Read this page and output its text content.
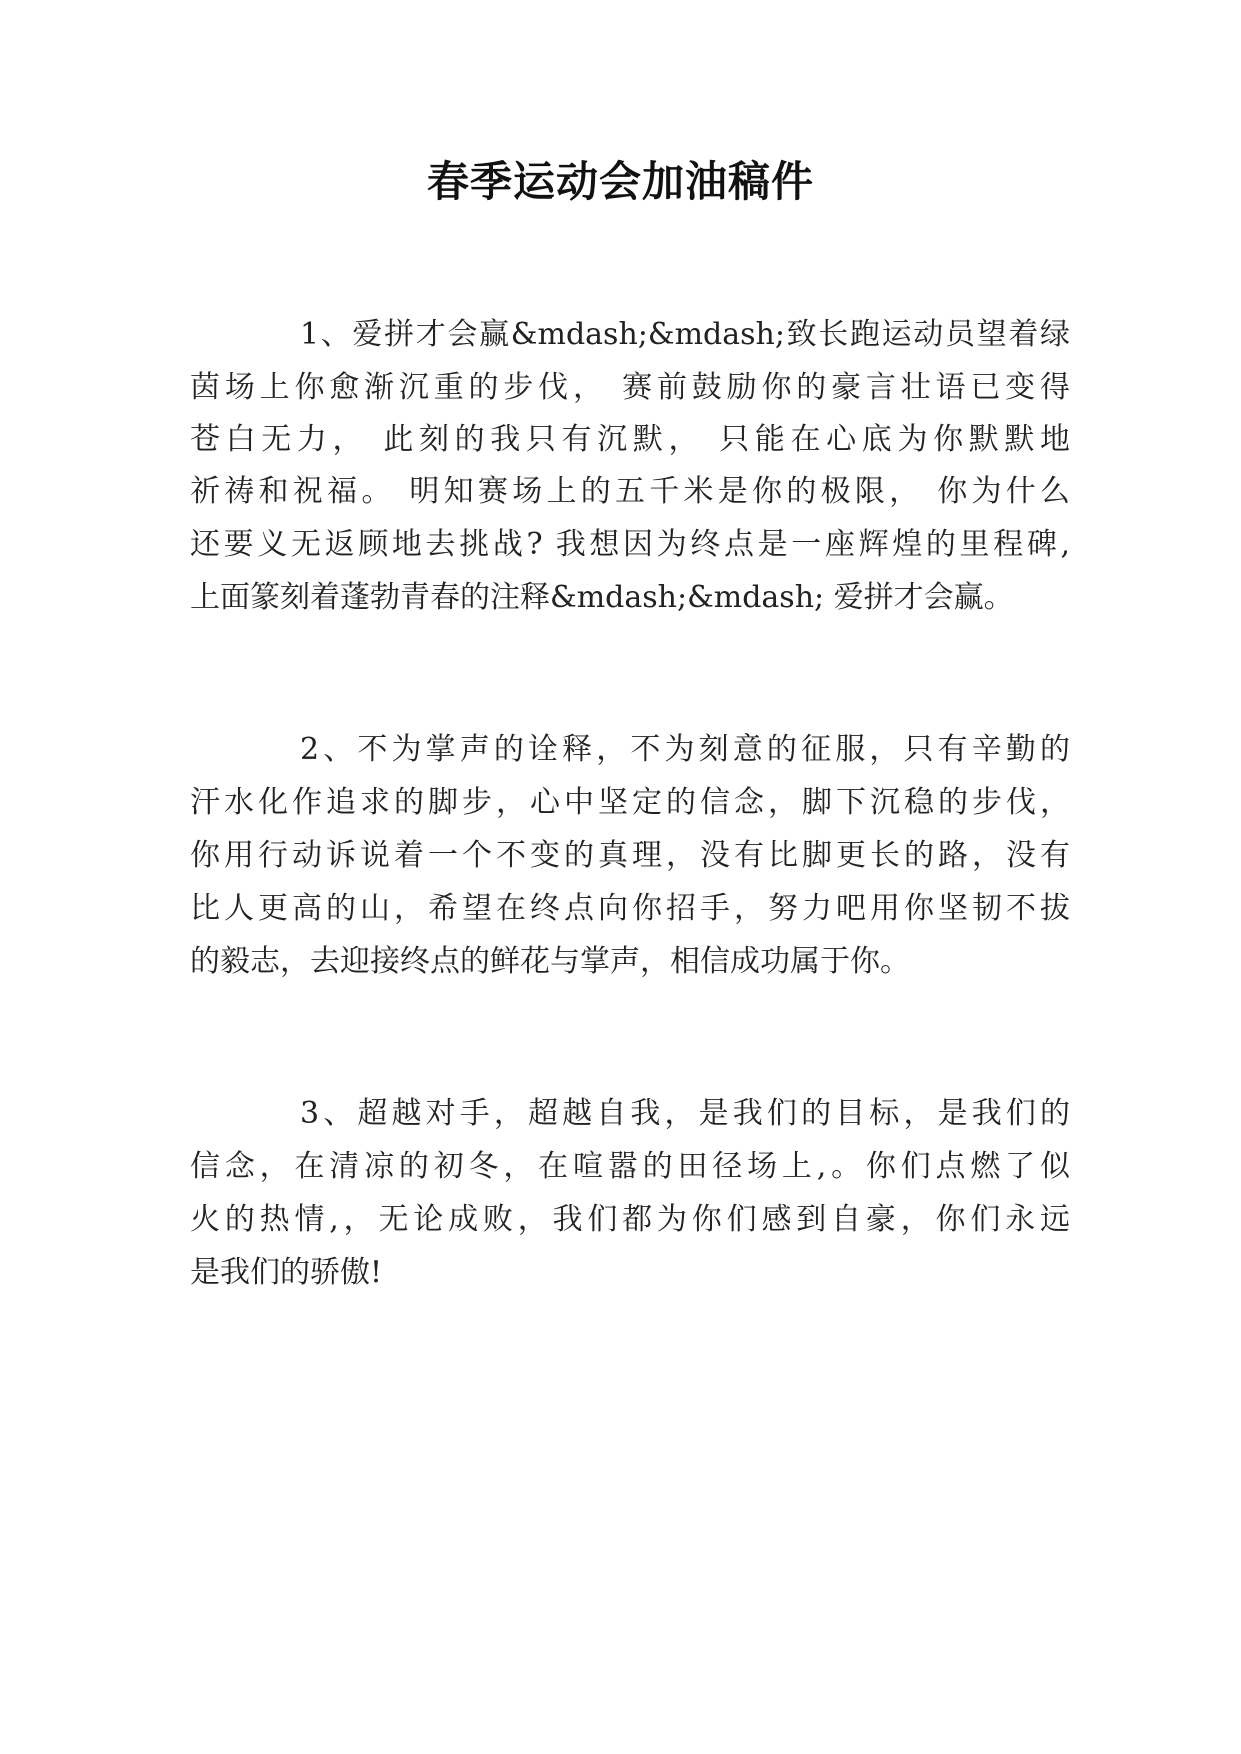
春季运动会加油稿件
1、爱拼才会赢&mdash;&mdash;致长跑运动员望着绿
茵场上你愈渐沉重的步伐， 赛前鼓励你的豪言壮语已变得
苍白无力， 此刻的我只有沉默， 只能在心底为你默默地
祈祷和祝福。 明知赛场上的五千米是你的极限， 你为什么
还要义无返顾地去挑战? 我想因为终点是一座辉煌的里程碑,
上面篆刻着蓬勃青春的注释&mdash;&mdash; 爱拼才会赢。
2、不为掌声的诠释，不为刻意的征服，只有辛勤的
汗水化作追求的脚步，心中坚定的信念，脚下沉稳的步伐，
你用行动诉说着一个不变的真理，没有比脚更长的路，没有
比人更高的山，希望在终点向你招手，努力吧用你坚韧不拔
的毅志，去迎接终点的鲜花与掌声，相信成功属于你。
3、超越对手，超越自我，是我们的目标，是我们的
信念，在清凉的初冬，在喧嚣的田径场上,。你们点燃了似
火的热情,，无论成败，我们都为你们感到自豪，你们永远
是我们的骄傲!
